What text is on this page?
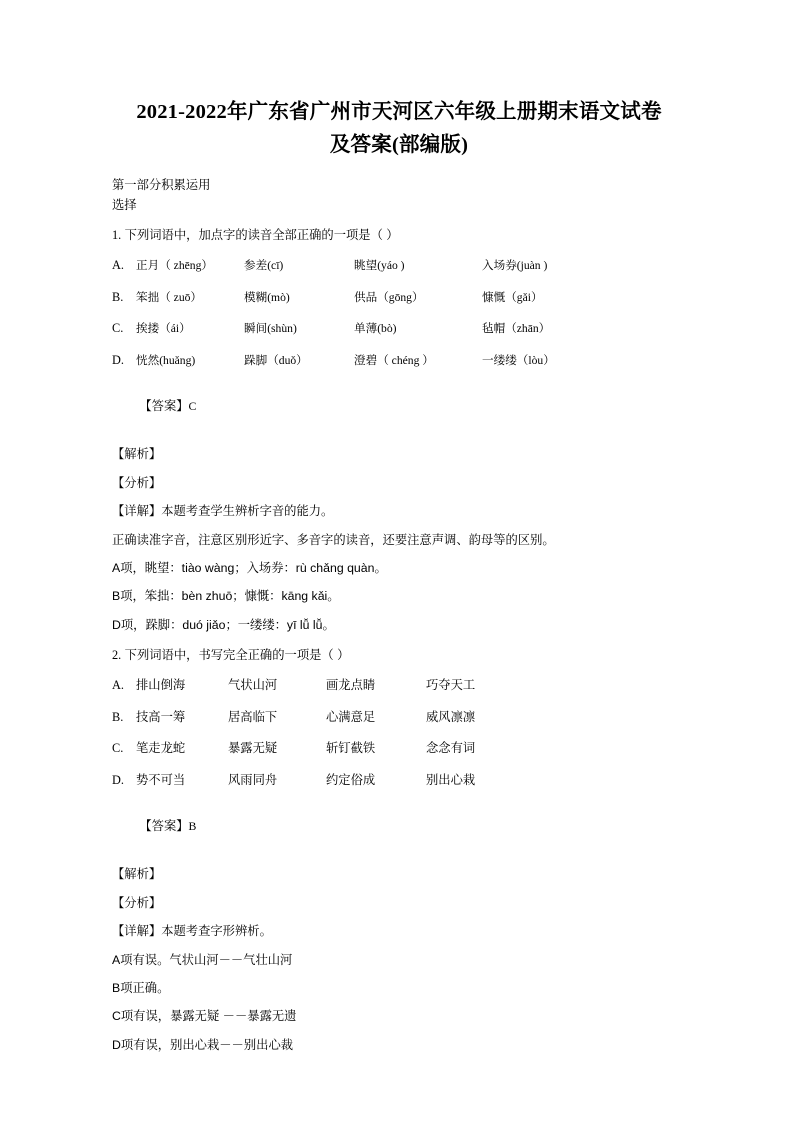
2021-2022年广东省广州市天河区六年级上册期末语文试卷
及答案(部编版)

第一部分积累运用

选择

1. 下列词语中，加点字的读音全部正确的一项是（ ）

A.	正月（ zhēng）	参差(cī)	眺望(yáo )	入场券(juàn )
B.	笨拙（ zuō）	模糊(mò)	供品（gōng）	慷慨（gǎi）
C.	挨搂（ái）	瞬间(shùn)	单薄(bò)	毡帽（zhān）
D.	恍然(huǎng)	跺脚（duǒ）	澄碧（ chéng ）	一缕缕（lòu）

【答案】C

【解析】

【分析】

【详解】本题考查学生辨析字音的能力。

正确读准字音，注意区别形近字、多音字的读音，还要注意声调、韵母等的区别。

A项，眺望：tiào wàng；入场券：rù chǎng quàn。

B项，笨拙：bèn zhuō；慷慨：kāng kǎi。

D项，跺脚：duó jiǎo；一缕缕：yī lǚ lǚ。

2. 下列词语中，书写完全正确的一项是（ ）

A. 排山倒海	气状山河	画龙点睛	巧夺天工
B.	技高一筹	居高临下	心满意足	威风凛凛
C.	笔走龙蛇	暴露无疑	斩钉截铁	念念有词
D. 势不可当	风雨同舟	约定俗成	别出心栽

【答案】B

【解析】

【分析】

【详解】本题考查字形辨析。

A项有误。气状山河－－气壮山河

B项正确。

C项有误，暴露无疑 －－暴露无遗

D项有误，别出心栽－－别出心裁
